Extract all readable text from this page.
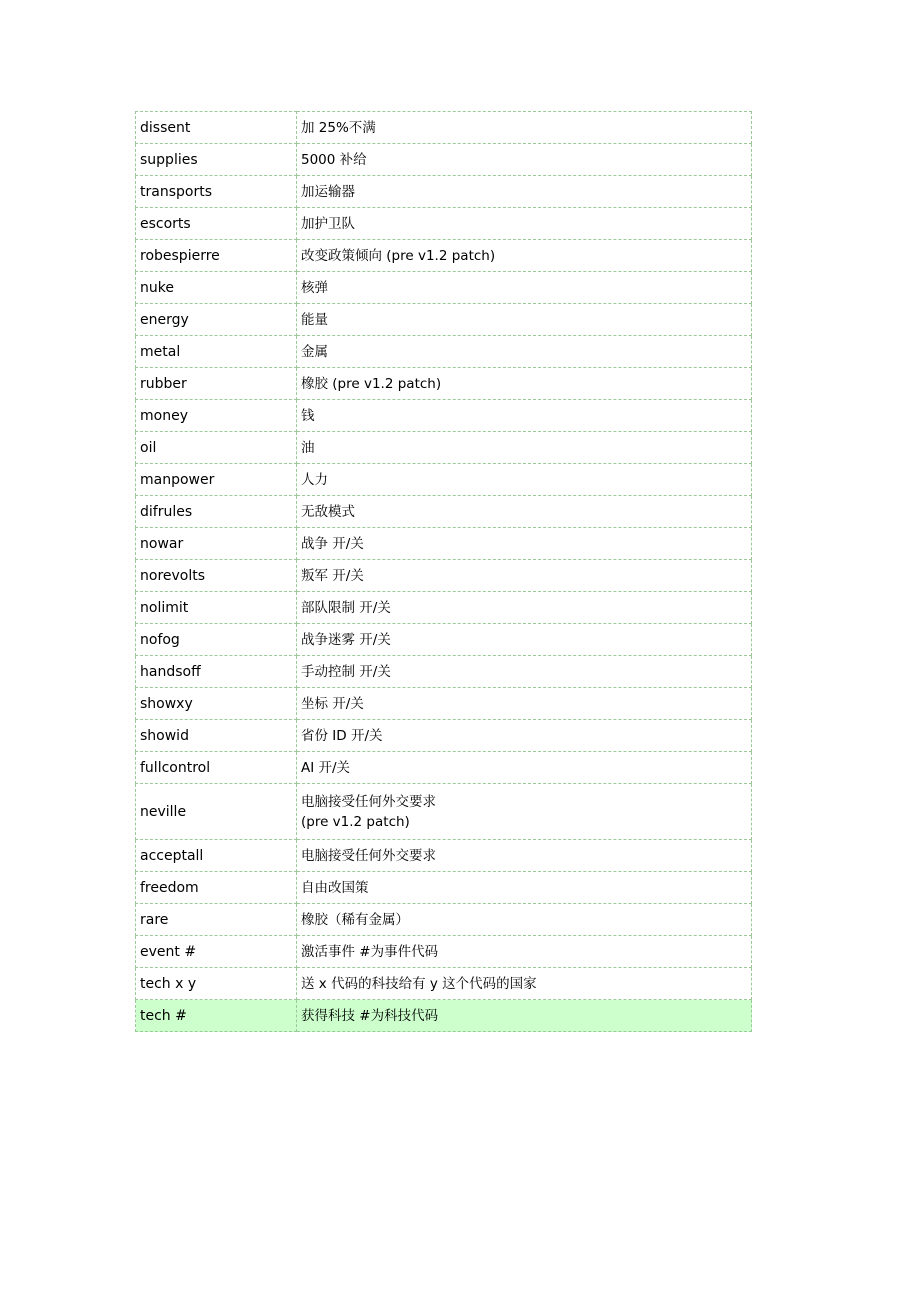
dissent	加 25%不满
supplies	5000 补给
transports	加运输器
escorts	加护卫队
robespierre	改变政策倾向 (pre v1.2 patch)
nuke	核弹
energy	能量
metal	金属
rubber	橡胶 (pre v1.2 patch)
money	钱
oil	油
manpower	人力
difrules	无敌模式
nowar	战争 开/关
norevolts	叛军 开/关
nolimit	部队限制 开/关
nofog	战争迷雾 开/关
handsoff	手动控制 开/关
showxy	坐标 开/关
showid	省份 ID 开/关
fullcontrol	AI 开/关
neville	电脑接受任何外交要求
(pre v1.2 patch)

acceptall	电脑接受任何外交要求
freedom	自由改国策
rare	橡胶（稀有金属）
event #	激活事件 #为事件代码
tech x y	送 x 代码的科技给有 y 这个代码的国家
tech #	获得科技 #为科技代码
